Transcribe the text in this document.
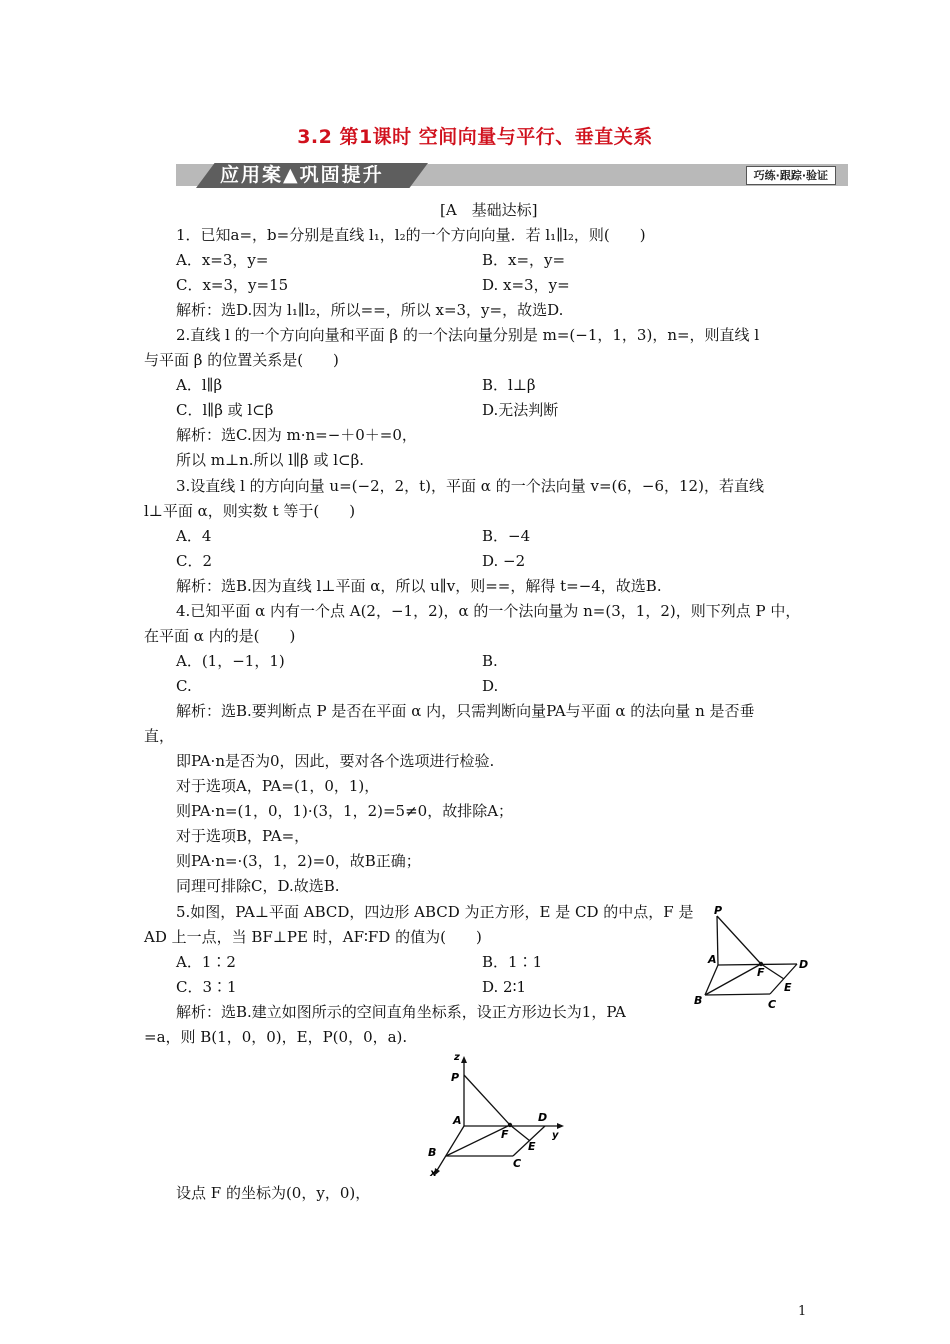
3.2 第1课时 空间向量与平行、垂直关系
应用案▲巩固提升	巧练·跟踪·验证
[A　基础达标]
1．已知a=，b=分别是直线 l₁，l₂的一个方向向量．若 l₁∥l₂，则(　　)
A．x=3，y=	B．x=，y=
C．x=3，y=15	D. x=3，y=
解析：选D.因为 l₁∥l₂，所以==，所以 x=3，y=，故选D.
2.直线 l 的一个方向向量和平面 β 的一个法向量分别是 m=(−1，1，3)，n=，则直线 l
与平面 β 的位置关系是(　　)
A．l∥β	B．l⊥β
C．l∥β 或 l⊂β	D.无法判断
解析：选C.因为 m·n=−＋0＋=0，
所以 m⊥n.所以 l∥β 或 l⊂β.
3.设直线 l 的方向向量 u=(−2，2，t)，平面 α 的一个法向量 v=(6，−6，12)，若直线
l⊥平面 α，则实数 t 等于(　　)
A．4	B．−4
C．2	D. −2
解析：选B.因为直线 l⊥平面 α，所以 u∥v，则==，解得 t=−4，故选B.
4.已知平面 α 内有一个点 A(2，−1，2)，α 的一个法向量为 n=(3，1，2)，则下列点 P 中，
在平面 α 内的是(　　)
A．(1，−1，1)	B.
C.	D.
解析：选B.要判断点 P 是否在平面 α 内，只需判断向量PA与平面 α 的法向量 n 是否垂
直，
即PA·n是否为0，因此，要对各个选项进行检验.
对于选项A，PA=(1，0，1)，
则PA·n=(1，0，1)·(3，1，2)=5≠0，故排除A；
对于选项B，PA=，
则PA·n=·(3，1，2)=0，故B正确；
同理可排除C，D.故选B.
5.如图，PA⊥平面 ABCD，四边形 ABCD 为正方形，E 是 CD 的中点，F 是
AD 上一点，当 BF⊥PE 时，AF∶FD 的值为(　　)
A．1∶2	B．1∶1
C．3∶1	D. 2∶1
解析：选B.建立如图所示的空间直角坐标系，设正方形边长为1，PA
=a，则 B(1，0，0)，E，P(0，0，a).
设点 F 的坐标为(0，y，0)，
P
A
F
D
B
E
C
z
P
A
F
D
y
B	E
C
x
1
